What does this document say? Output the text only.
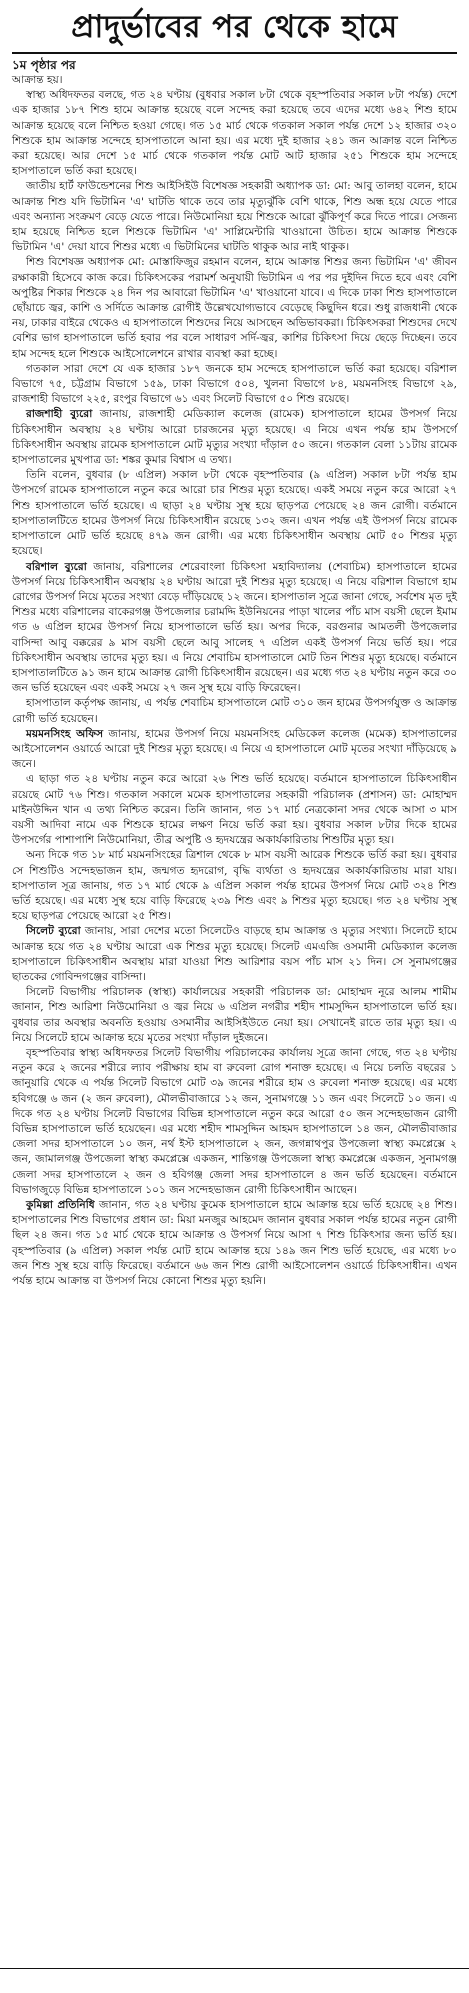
প্রাদুর্ভাবের পর থেকে হামে

১ম পৃষ্ঠার পর

আক্রান্ত হয়।

স্বাস্থ্য অধিদফতর বলছে, গত ২৪ ঘণ্টায় (বুধবার সকাল ৮টা থেকে বৃহস্পতিবার সকাল ৮টা পর্যন্ত) দেশে এক হাজার ১৮৭ শিশু হামে আক্রান্ত হয়েছে বলে সন্দেহ করা হয়েছে তবে এদের মধ্যে ৬৪২ শিশু হামে আক্রান্ত হয়েছে বলে নিশ্চিত হওয়া গেছে। গত ১৫ মার্চ থেকে গতকাল সকাল পর্যন্ত দেশে ১২ হাজার ৩২০ শিশুকে হাম আক্রান্ত সন্দেহে হাসপাতালে আনা হয়। এর মধ্যে দুই হাজার ২৪১ জন আক্রান্ত বলে নিশ্চিত করা হয়েছে। আর দেশে ১৫ মার্চ থেকে গতকাল পর্যন্ত মোট আট হাজার ২৫১ শিশুকে হাম সন্দেহে হাসপাতালে ভর্তি করা হয়েছে।

জাতীয় হার্ট ফাউন্ডেশনের শিশু আইসিইউ বিশেষজ্ঞ সহকারী অধ্যাপক ডা: মো: আবু তালহা বলেন, হামে আক্রান্ত শিশু যদি ভিটামিন 'এ' ঘাটতি থাকে তবে তার মৃত্যুঝুঁকি বেশি থাকে, শিশু অন্ধ হয়ে যেতে পারে এবং অন্যান্য সংক্রমণ বেড়ে যেতে পারে। নিউমোনিয়া হয়ে শিশুকে আরো ঝুঁকিপূর্ণ করে দিতে পারে। সেজন্য হাম হয়েছে নিশ্চিত হলে শিশুকে ভিটামিন 'এ' সাপ্লিমেন্টারি খাওয়ানো উচিত। হামে আক্রান্ত শিশুকে ভিটামিন 'এ' দেয়া যাবে শিশুর মধ্যে এ ভিটামিনের ঘাটতি থাকুক আর নাই থাকুক।

শিশু বিশেষজ্ঞ অধ্যাপক মো: মোস্তাফিজুর রহমান বলেন, হামে আক্রান্ত শিশুর জন্য ভিটামিন 'এ' জীবন রক্ষাকারী হিসেবে কাজ করে। চিকিৎসকের পরামর্শ অনুযায়ী ভিটামিন এ পর পর দুইদিন দিতে হবে এবং বেশি অপুষ্টির শিকার শিশুকে ২৪ দিন পর আবারো ভিটামিন 'এ' খাওয়ানো যাবে। এ দিকে ঢাকা শিশু হাসপাতালে ছোঁয়াচে জ্বর, কাশি ও সর্দিতে আক্রান্ত রোগীই উল্লেখযোগ্যভাবে বেড়েছে কিছুদিন ধরে। শুধু রাজধানী থেকে নয়, ঢাকার বাইরে থেকেও এ হাসপাতালে শিশুদের নিয়ে আসছেন অভিভাবকরা। চিকিৎসকরা শিশুদের দেখে বেশির ভাগ হাসপাতালে ভর্তি হবার পর বলে সাধারণ সর্দি-জ্বর, কাশির চিকিৎসা দিয়ে ছেড়ে দিচ্ছেন। তবে হাম সন্দেহ হলে শিশুকে আইসোলেশনে রাখার ব্যবস্থা করা হচ্ছে।

গতকাল সারা দেশে যে এক হাজার ১৮৭ জনকে হাম সন্দেহে হাসপাতালে ভর্তি করা হয়েছে। বরিশাল বিভাগে ৭৫, চট্টগ্রাম বিভাগে ১৫৯, ঢাকা বিভাগে ৫০৪, খুলনা বিভাগে ৮৪, ময়মনসিংহ বিভাগে ২৯, রাজশাহী বিভাগে ২২৫, রংপুর বিভাগে ৬১ এবং সিলেট বিভাগে ৫০ শিশু রয়েছে।

রাজশাহী ব্যুরো জানায়, রাজশাহী মেডিক্যাল কলেজ (রামেক) হাসপাতালে হামের উপসর্গ নিয়ে চিকিৎসাধীন অবস্থায় ২৪ ঘণ্টায় আরো চারজনের মৃত্যু হয়েছে। এ নিয়ে এখন পর্যন্ত হাম উপসর্গে চিকিৎসাধীন অবস্থায় রামেক হাসপাতালে মোট মৃত্যুর সংখ্যা দাঁড়াল ৫০ জনে। গতকাল বেলা ১১টায় রামেক হাসপাতালের মুখপাত্র ডা: শঙ্কর কুমার বিশ্বাস এ তথ্য।

তিনি বলেন, বুধবার (৮ এপ্রিল) সকাল ৮টা থেকে বৃহস্পতিবার (৯ এপ্রিল) সকাল ৮টা পর্যন্ত হাম উপসর্গে রামেক হাসপাতালে নতুন করে আরো চার শিশুর মৃত্যু হয়েছে। একই সময়ে নতুন করে আরো ২৭ শিশু হাসপাতালে ভর্তি হয়েছে। এ ছাড়া ২৪ ঘণ্টায় সুস্থ হয়ে ছাড়পত্র পেয়েছে ২৪ জন রোগী। বর্তমানে হাসপাতালটিতে হামের উপসর্গ নিয়ে চিকিৎসাধীন রয়েছে ১৩২ জন। এখন পর্যন্ত এই উপসর্গ নিয়ে রামেক হাসপাতালে মোট ভর্তি হয়েছে ৪৭৯ জন রোগী। এর মধ্যে চিকিৎসাধীন অবস্থায় মোট ৫০ শিশুর মৃত্যু হয়েছে।

বরিশাল ব্যুরো জানায়, বরিশালের শেরেবাংলা চিকিৎসা মহাবিদ্যালয় (শেবাচিম) হাসপাতালে হামের উপসর্গ নিয়ে চিকিৎসাধীন অবস্থায় ২৪ ঘণ্টায় আরো দুই শিশুর মৃত্যু হয়েছে। এ নিয়ে বরিশাল বিভাগে হাম রোগের উপসর্গ নিয়ে মৃতের সংখ্যা বেড়ে দাঁড়িয়েছে ১২ জনে। হাসপাতাল সূত্রে জানা গেছে, সর্বশেষ মৃত দুই শিশুর মধ্যে বরিশালের বাকেরগঞ্জ উপজেলার চরামদ্দি ইউনিয়নের পাড়া খালের পাঁচ মাস বয়সী ছেলে ইমাম গত ৬ এপ্রিল হামের উপসর্গ নিয়ে হাসপাতালে ভর্তি হয়। অপর দিকে, বরগুনার আমতলী উপজেলার বাসিন্দা আবু বক্করের ৯ মাস বয়সী ছেলে আবু সালেহ ৭ এপ্রিল একই উপসর্গ নিয়ে ভর্তি হয়। পরে চিকিৎসাধীন অবস্থায় তাদের মৃত্যু হয়। এ নিয়ে শেবাচিম হাসপাতালে মোট তিন শিশুর মৃত্যু হয়েছে। বর্তমানে হাসপাতালটিতে ৯১ জন হামে আক্রান্ত রোগী চিকিৎসাধীন রয়েছেন। এর মধ্যে গত ২৪ ঘণ্টায় নতুন করে ৩০ জন ভর্তি হয়েছেন এবং একই সময়ে ২৭ জন সুস্থ হয়ে বাড়ি ফিরেছেন।

হাসপাতাল কর্তৃপক্ষ জানায়, এ পর্যন্ত শেবাচিম হাসপাতালে মোট ৩১০ জন হামের উপসর্গযুক্ত ও আক্রান্ত রোগী ভর্তি হয়েছেন।

ময়মনসিংহ অফিস জানায়, হামের উপসর্গ নিয়ে ময়মনসিংহ মেডিকেল কলেজ (মমেক) হাসপাতালের আইসোলেশন ওয়ার্ডে আরো দুই শিশুর মৃত্যু হয়েছে। এ নিয়ে এ হাসপাতালে মোট মৃতের সংখ্যা দাঁড়িয়েছে ৯ জনে।

এ ছাড়া গত ২৪ ঘণ্টায় নতুন করে আরো ২৬ শিশু ভর্তি হয়েছে। বর্তমানে হাসপাতালে চিকিৎসাধীন রয়েছে মোট ৭৬ শিশু। গতকাল সকালে মমেক হাসপাতালের সহকারী পরিচালক (প্রশাসন) ডা: মোহাম্মদ মাইনউদ্দিন খান এ তথ্য নিশ্চিত করেন। তিনি জানান, গত ১৭ মার্চ নেত্রকোনা সদর থেকে আসা ৩ মাস বয়সী আদিবা নামে এক শিশুকে হামের লক্ষণ নিয়ে ভর্তি করা হয়। বুধবার সকাল ৮টার দিকে হামের উপসর্গের পাশাপাশি নিউমোনিয়া, তীব্র অপুষ্টি ও হৃদযন্ত্রের অকার্যকারিতায় শিশুটির মৃত্যু হয়।

অন্য দিকে গত ১৮ মার্চ ময়মনসিংহের ত্রিশাল থেকে ৮ মাস বয়সী আরেক শিশুকে ভর্তি করা হয়। বুধবার সে শিশুটিও সন্দেহভাজন হাম, জন্মগত হৃদরোগ, বৃদ্ধি ব্যর্থতা ও হৃদযন্ত্রের অকার্যকারিতায় মারা যায়। হাসপাতাল সূত্র জানায়, গত ১৭ মার্চ থেকে ৯ এপ্রিল সকাল পর্যন্ত হামের উপসর্গ নিয়ে মোট ৩২৪ শিশু ভর্তি হয়েছে। এর মধ্যে সুস্থ হয়ে বাড়ি ফিরেছে ২৩৯ শিশু এবং ৯ শিশুর মৃত্যু হয়েছে। গত ২৪ ঘণ্টায় সুস্থ হয়ে ছাড়পত্র পেয়েছে আরো ২৫ শিশু।

সিলেট ব্যুরো জানায়, সারা দেশের মতো সিলেটেও বাড়ছে হাম আক্রান্ত ও মৃত্যুর সংখ্যা। সিলেটে হামে আক্রান্ত হয়ে গত ২৪ ঘণ্টায় আরো এক শিশুর মৃত্যু হয়েছে। সিলেট এমএজি ওসমানী মেডিক্যাল কলেজ হাসপাতালে চিকিৎসাধীন অবস্থায় মারা যাওয়া শিশু আরিশার বয়স পাঁচ মাস ২১ দিন। সে সুনামগঞ্জের ছাতকের গোবিন্দগঞ্জের বাসিন্দা।

সিলেট বিভাগীয় পরিচালক (স্বাস্থ্য) কার্যালয়ের সহকারী পরিচালক ডা: মোহাম্মদ নূরে আলম শামীম জানান, শিশু আরিশা নিউমোনিয়া ও জ্বর নিয়ে ৬ এপ্রিল নগরীর শহীদ শামসুদ্দিন হাসপাতালে ভর্তি হয়। বুধবার তার অবস্থার অবনতি হওয়ায় ওসমানীর আইসিইউতে নেয়া হয়। সেখানেই রাতে তার মৃত্যু হয়। এ নিয়ে সিলেটে হামে আক্রান্ত হয়ে মৃতের সংখ্যা দাঁড়াল দুইজনে।

বৃহস্পতিবার স্বাস্থ্য অধিদফতর সিলেট বিভাগীয় পরিচালকের কার্যালয় সূত্রে জানা গেছে, গত ২৪ ঘণ্টায় নতুন করে ২ জনের শরীরে ল্যাব পরীক্ষায় হাম বা রুবেলা রোগ শনাক্ত হয়েছে। এ নিয়ে চলতি বছরের ১ জানুয়ারি থেকে এ পর্যন্ত সিলেট বিভাগে মোট ৩৯ জনের শরীরে হাম ও রুবেলা শনাক্ত হয়েছে। এর মধ্যে হবিগঞ্জে ৬ জন (২ জন রুবেলা), মৌলভীবাজারে ১২ জন, সুনামগঞ্জে ১১ জন এবং সিলেটে ১০ জন। এ দিকে গত ২৪ ঘণ্টায় সিলেট বিভাগের বিভিন্ন হাসপাতালে নতুন করে আরো ৫০ জন সন্দেহভাজন রোগী বিভিন্ন হাসপাতালে ভর্তি হয়েছেন। এর মধ্যে শহীদ শামসুদ্দিন আহমদ হাসপাতালে ১৪ জন, মৌলভীবাজার জেলা সদর হাসপাতালে ১০ জন, নর্থ ইস্ট হাসপাতালে ২ জন, জগন্নাথপুর উপজেলা স্বাস্থ্য কমপ্লেক্সে ২ জন, জামালগঞ্জ উপজেলা স্বাস্থ্য কমপ্লেক্সে একজন, শান্তিগঞ্জ উপজেলা স্বাস্থ্য কমপ্লেক্সে একজন, সুনামগঞ্জ জেলা সদর হাসপাতালে ২ জন ও হবিগঞ্জ জেলা সদর হাসপাতালে ৪ জন ভর্তি হয়েছেন। বর্তমানে বিভাগজুড়ে বিভিন্ন হাসপাতালে ১০১ জন সন্দেহভাজন রোগী চিকিৎসাধীন আছেন।

কুমিল্লা প্রতিনিধি জানান, গত ২৪ ঘণ্টায় কুমেক হাসপাতালে হামে আক্রান্ত হয়ে ভর্তি হয়েছে ২৪ শিশু। হাসপাতালের শিশু বিভাগের প্রধান ডা: মিয়া মনজুর আহমেদ জানান বুধবার সকাল পর্যন্ত হামের নতুন রোগী ছিল ২৪ জন। গত ১৫ মার্চ থেকে হামে আক্রান্ত ও উপসর্গ নিয়ে আসা ৭ শিশু চিকিৎসার জন্য ভর্তি হয়। বৃহস্পতিবার (৯ এপ্রিল) সকাল পর্যন্ত মোট হামে আক্রান্ত হয়ে ১৪৯ জন শিশু ভর্তি হয়েছে, এর মধ্যে ৮০ জন শিশু সুস্থ হয়ে বাড়ি ফিরেছে। বর্তমানে ৬৬ জন শিশু রোগী আইসোলেশন ওয়ার্ডে চিকিৎসাধীন। এখন পর্যন্ত হামে আক্রান্ত বা উপসর্গ নিয়ে কোনো শিশুর মৃত্যু হয়নি।
